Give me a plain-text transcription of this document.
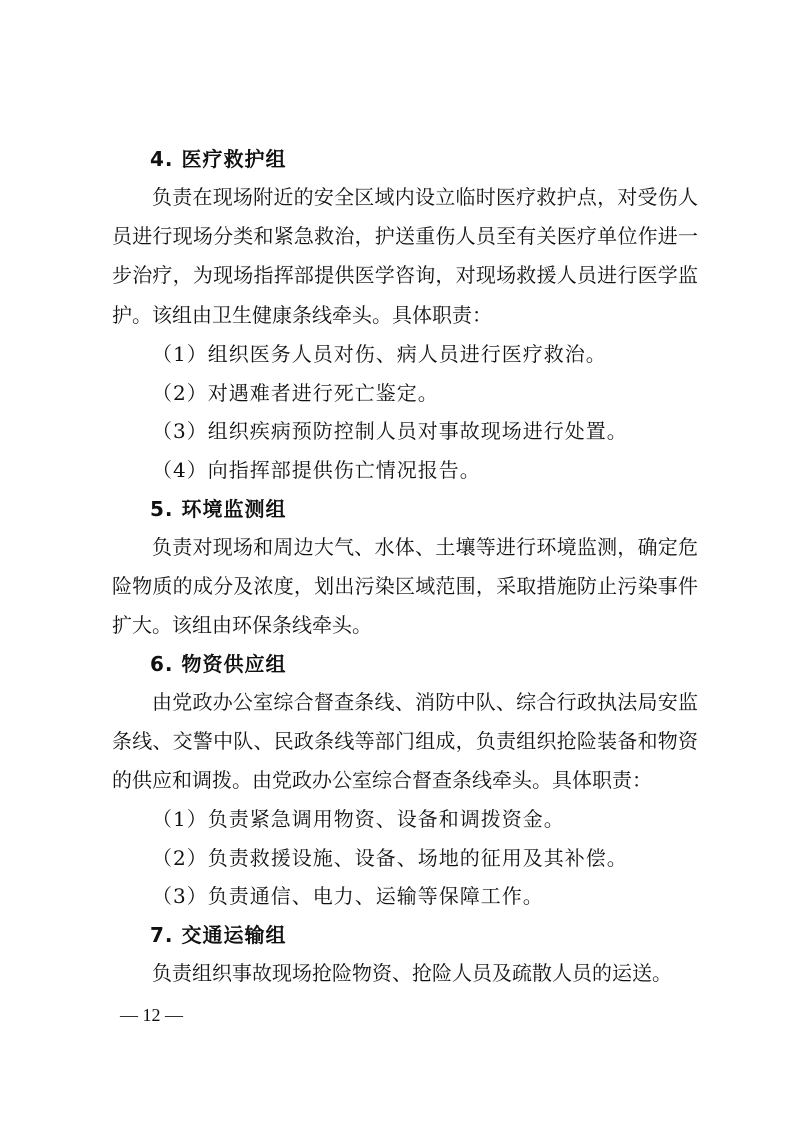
4. 医疗救护组

负责在现场附近的安全区域内设立临时医疗救护点，对受伤人员进行现场分类和紧急救治，护送重伤人员至有关医疗单位作进一步治疗，为现场指挥部提供医学咨询，对现场救援人员进行医学监护。该组由卫生健康条线牵头。具体职责：

（1）组织医务人员对伤、病人员进行医疗救治。
（2）对遇难者进行死亡鉴定。
（3）组织疾病预防控制人员对事故现场进行处置。
（4）向指挥部提供伤亡情况报告。
5. 环境监测组

负责对现场和周边大气、水体、土壤等进行环境监测，确定危险物质的成分及浓度，划出污染区域范围，采取措施防止污染事件扩大。该组由环保条线牵头。

6. 物资供应组

由党政办公室综合督查条线、消防中队、综合行政执法局安监条线、交警中队、民政条线等部门组成，负责组织抢险装备和物资的供应和调拨。由党政办公室综合督查条线牵头。具体职责：

（1）负责紧急调用物资、设备和调拨资金。
（2）负责救援设施、设备、场地的征用及其补偿。
（3）负责通信、电力、运输等保障工作。
7. 交通运输组

负责组织事故现场抢险物资、抢险人员及疏散人员的运送。

— 12 —
